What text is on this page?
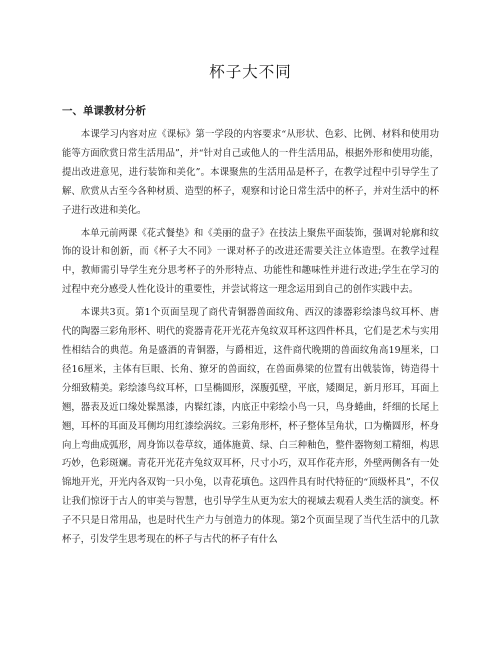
杯子大不同
一、单课教材分析

本课学习内容对应《课标》第一学段的内容要求“从形状、色彩、比例、材料和使用功能等方面欣赏日常生活用品”，并“针对自己或他人的一件生活用品，根据外形和使用功能，提出改进意见，进行装饰和美化”。本课聚焦的生活用品是杯子，在教学过程中引导学生了解、欣赏从古至今各种材质、造型的杯子，观察和讨论日常生活中的杯子，并对生活中的杯子进行改进和美化。

本单元前两课《花式餐垫》和《美丽的盘子》在技法上聚焦平面装饰，强调对轮廓和纹饰的设计和创新，而《杯子大不同》一课对杯子的改进还需要关注立体造型。在教学过程中，教师需引导学生充分思考杯子的外形特点、功能性和趣味性并进行改进;学生在学习的过程中充分感受人性化设计的重要性，并尝试将这一理念运用到自己的创作实践中去。

本课共3页。第1个页面呈现了商代青铜器兽面纹角、西汉的漆器彩绘漆鸟纹耳杯、唐代的陶器三彩角形杯、明代的瓷器青花开光花卉兔纹双耳杯这四件杯具，它们是艺术与实用性相结合的典范。角是盛酒的青铜器，与爵相近，这件商代晚期的兽面纹角高19厘米，口径16厘米，主体有巨眼、长角、獠牙的兽面纹，在兽面鼻梁的位置有出戟装饰，铸造得十分细致精美。彩绘漆鸟纹耳杯，口呈椭圆形，深腹弧壁，平底，矮圈足，新月形耳，耳面上翘，器表及近口缘处髹黑漆，内髹红漆，内底正中彩绘小鸟一只，鸟身蜷曲，纤细的长尾上翘，耳杯的耳面及耳侧均用红漆绘涡纹。三彩角形杯，杯子整体呈角状，口为椭圆形，杯身向上弯曲成弧形，周身饰以卷草纹，通体施黄、绿、白三种釉色，整件器物刻工精细，构思巧妙，色彩斑斓。青花开光花卉兔纹双耳杯，尺寸小巧，双耳作花卉形，外壁两侧各有一处锦地开光，开光内各双钩一只小兔，以青花填色。这四件具有时代特征的“顶级杯具”，不仅让我们惊讶于古人的审美与智慧，也引导学生从更为宏大的视域去观看人类生活的演变。杯子不只是日常用品，也是时代生产力与创造力的体现。第2个页面呈现了当代生活中的几款杯子，引发学生思考现在的杯子与古代的杯子有什么
